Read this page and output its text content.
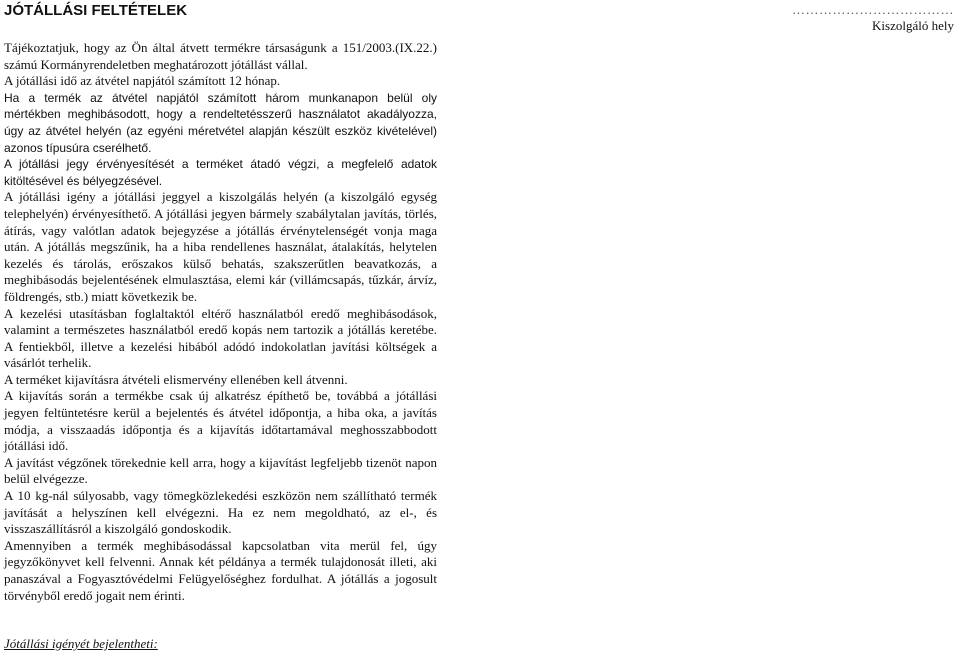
JÓTÁLLÁSI FELTÉTELEK	………………………………
Kiszolgáló hely

Tájékoztatjuk, hogy az Ön által átvett termékre társaságunk a 151/2003.(IX.22.) számú Kormányrendeletben meghatározott jótállást vállal.

A jótállási idő az átvétel napjától számított 12 hónap.

Ha a termék az átvétel napjától számított három munkanapon belül oly mértékben meghibásodott, hogy a rendeltetésszerű használatot akadályozza, úgy az átvétel helyén (az egyéni méretvétel alapján készült eszköz kivételével) azonos típusúra cserélhető.

A jótállási jegy érvényesítését a terméket átadó végzi, a megfelelő adatok kitöltésével és bélyegzésével.

A jótállási igény a jótállási jeggyel a kiszolgálás helyén (a kiszolgáló egység telephelyén) érvényesíthető. A jótállási jegyen bármely szabálytalan javítás, törlés, átírás, vagy valótlan adatok bejegyzése a jótállás érvénytelenségét vonja maga után. A jótállás megszűnik, ha a hiba rendellenes használat, átalakítás, helytelen kezelés és tárolás, erőszakos külső behatás, szakszerűtlen beavatkozás, a meghibásodás bejelentésének elmulasztása, elemi kár (villámcsapás, tűzkár, árvíz, földrengés, stb.) miatt következik be.

A kezelési utasításban foglaltaktól eltérő használatból eredő meghibásodások, valamint a természetes használatból eredő kopás nem tartozik a jótállás keretébe. A fentiekből, illetve a kezelési hibából adódó indokolatlan javítási költségek a vásárlót terhelik.

A terméket kijavításra átvételi elismervény ellenében kell átvenni.

A kijavítás során a termékbe csak új alkatrész építhető be, továbbá a jótállási jegyen feltüntetésre kerül a bejelentés és átvétel időpontja, a hiba oka, a javítás módja, a visszaadás időpontja és a kijavítás időtartamával meghosszabbodott jótállási idő.

A javítást végzőnek törekednie kell arra, hogy a kijavítást legfeljebb tizenöt napon belül elvégezze.

A 10 kg-nál súlyosabb, vagy tömegközlekedési eszközön nem szállítható termék javítását a helyszínen kell elvégezni. Ha ez nem megoldható, az el-, és visszaszállításról a kiszolgáló gondoskodik.

Amennyiben a termék meghibásodással kapcsolatban vita merül fel, úgy jegyzőkönyvet kell felvenni. Annak két példánya a termék tulajdonosát illeti, aki panaszával a Fogyasztóvédelmi Felügyelőséghez fordulhat. A jótállás a jogosult törvényből eredő jogait nem érinti.

Jótállási igényét bejelentheti:
